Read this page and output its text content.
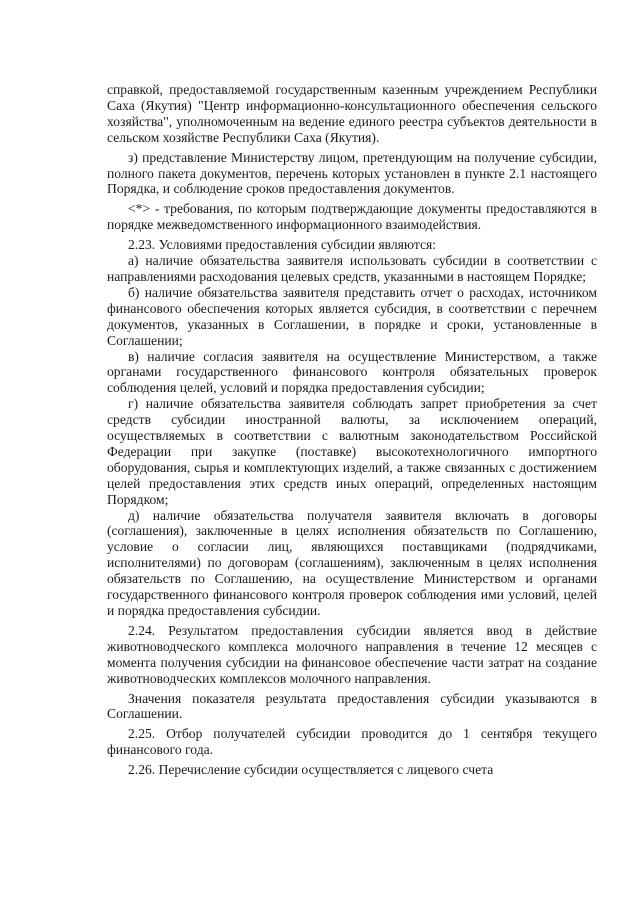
справкой, предоставляемой государственным казенным учреждением Республики Саха (Якутия) "Центр информационно-консультационного обеспечения сельского хозяйства", уполномоченным на ведение единого реестра субъектов деятельности в сельском хозяйстве Республики Саха (Якутия).

з) представление Министерству лицом, претендующим на получение субсидии, полного пакета документов, перечень которых установлен в пункте 2.1 настоящего Порядка, и соблюдение сроков предоставления документов.

<*> - требования, по которым подтверждающие документы предоставляются в порядке межведомственного информационного взаимодействия.

2.23. Условиями предоставления субсидии являются:

а) наличие обязательства заявителя использовать субсидии в соответствии с направлениями расходования целевых средств, указанными в настоящем Порядке;

б) наличие обязательства заявителя представить отчет о расходах, источником финансового обеспечения которых является субсидия, в соответствии с перечнем документов, указанных в Соглашении, в порядке и сроки, установленные в Соглашении;

в) наличие согласия заявителя на осуществление Министерством, а также органами государственного финансового контроля обязательных проверок соблюдения целей, условий и порядка предоставления субсидии;

г) наличие обязательства заявителя соблюдать запрет приобретения за счет средств субсидии иностранной валюты, за исключением операций, осуществляемых в соответствии с валютным законодательством Российской Федерации при закупке (поставке) высокотехнологичного импортного оборудования, сырья и комплектующих изделий, а также связанных с достижением целей предоставления этих средств иных операций, определенных настоящим Порядком;

д) наличие обязательства получателя заявителя включать в договоры (соглашения), заключенные в целях исполнения обязательств по Соглашению, условие о согласии лиц, являющихся поставщиками (подрядчиками, исполнителями) по договорам (соглашениям), заключенным в целях исполнения обязательств по Соглашению, на осуществление Министерством и органами государственного финансового контроля проверок соблюдения ими условий, целей и порядка предоставления субсидии.

2.24. Результатом предоставления субсидии является ввод в действие животноводческого комплекса молочного направления в течение 12 месяцев с момента получения субсидии на финансовое обеспечение части затрат на создание животноводческих комплексов молочного направления.

Значения показателя результата предоставления субсидии указываются в Соглашении.

2.25. Отбор получателей субсидии проводится до 1 сентября текущего финансового года.

2.26. Перечисление субсидии осуществляется с лицевого счета
